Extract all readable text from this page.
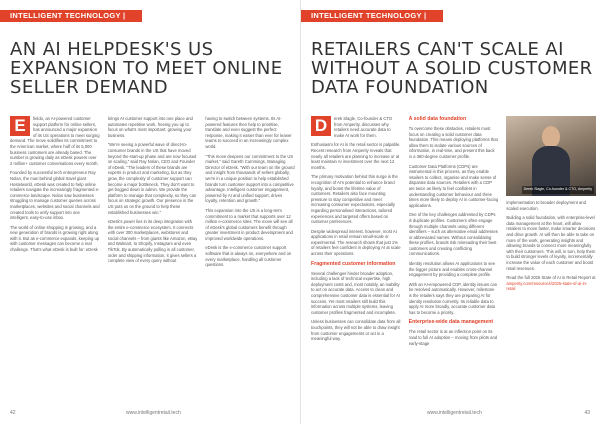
INTELLIGENT TECHNOLOGY |
AN AI HELPDESK'S US EXPANSION TO MEET ONLINE SELLER DEMAND
E	fieldo, an AI-powered customer support platform for online sellers, has announced a major expansion of its US operations to meet surging demand. The move solidifies its commitment to the American market, where half of its 5,000 business customers are already based. The number is growing daily as eDesk powers over 2 million+ customer conversations every month.

Founded by successful tech entrepreneur Ray Nolan, the man behind global travel giant Hostelworld, eDesk was created to help online retailers navigate the increasingly fragmented e-commerce landscape. Nolan saw businesses struggling to manage customer queries across marketplaces, websites and social channels and created tools to unify support into one intelligent, easy-to-use inbox.

The world of online shopping is growing, and a new generation of brands is growing right along with it. But as e-commerce expands, keeping up with customer messages can become a real challenge. That's what eDesk is built for: eDesk

brings AI customer support into one place and automates repetitive work, freeing you up to focus on what's most important: growing your business.

"We're seeing a powerful wave of direct-to-consumer brands in the US that have moved beyond the start-up phase and are now focused on scaling," said Ray Nolan, CEO and Founder of eDesk. "The leaders of these brands are experts in product and marketing, but as they grow, the complexity of customer support can become a major bottleneck. They don't want to get bogged down in admin. We provide the platform to manage that complexity, so they can focus on strategic growth. Our presence in the US puts us on the ground to help these established businesses win."

eDesk's power lies in its deep integration with the entire e-commerce ecosystem. It connects with over 300 marketplaces, webstores and social channels – from giants like Amazon, eBay and Walmart, to Shopify, Instagram and even TikTok. By automatically pulling in all customer, order and shipping information, it gives sellers a complete view of every query without

having to switch between systems. Its AI-powered features then help to prioritise, translate and even suggest the perfect response, making it easier than ever for leaner teams to succeed in an increasingly complex world.

"This move deepens our commitment to the US market," said Gareth Cummings, Managing Director of eDesk. "With our team on the ground and insight from thousands of sellers globally, we're in a unique position to help established brands turn customer support into a competitive advantage. Intelligent customer engagement, powered by AI and unified support, drives loyalty, retention and growth."

This expansion into the US is a long-term commitment to a market that supports over 12 million e-commerce sites. The move will see all of eDesk's global customers benefit through greater investment in product development and improved worldwide operations.

eDesk is the e-commerce customer support software that is always on, everywhere and on every marketplace, handling all customer questions.

42	www.intelligentretail.tech
INTELLIGENT TECHNOLOGY |
RETAILERS CAN'T SCALE AI WITHOUT A SOLID CUSTOMER DATA FOUNDATION
D	erek Slagle, Co-founder & CTO from Amperity, discusses why retailers need accurate data to make AI work for them.

Enthusiasm for AI in the retail sector is palpable. Recent research from Amperity reveals that nearly all retailers are planning to increase or at least maintain AI investment over the next 12 months.

The primary motivation behind this surge is the recognition of AI's potential to enhance brand loyalty, and boost the lifetime value of customers. Retailers also face mounting pressure to stay competitive and meet increasing consumer expectations, especially regarding personalised interactions, tailored experiences and targeted offers based on customer preferences.

Despite widespread interest, however, most AI applications in retail remain small-scale or experimental. The research shows that just 1% of retailers feel confident in deploying AI at scale across their operations.

Fragmented customer information

Several challenges hinder broader adoption, including a lack of technical expertise, high deployment costs and, most notably, an inability to act on accurate data. Access to clean and comprehensive customer data is essential for AI success. Yet most retailers still build this information across multiple systems, leaving customer profiles fragmented and incomplete.

Unless businesses can consolidate data from all touchpoints, they will not be able to draw insight from customer engagements or act in a meaningful way.

A solid data foundation

To overcome these obstacles, retailers must focus on creating a solid customer data foundation. This means deploying platforms that allow them to isolate various sources of information, in real-time, and present this back in a 360-degree customer profile.

Customer Data Platforms (CDPs) are instrumental in this process, as they enable retailers to collect, organise and make sense of disparate data sources. Retailers with a CDP are twice as likely to feel confident in understanding customer behaviour and three times more likely to deploy AI in customer-facing applications.

One of the key challenges addressed by CDPs is duplicate profiles. Customers often engage through multiple channels using different identifiers – such as alternative email addresses or abbreviated names. Without consolidating these profiles, brands risk misreading their best customers and creating conflicting communications.

Identity resolution allows AI applications to see the bigger picture and enables cross-channel engagement by providing a complete profile.

With an AI-empowered CDP, identity issues can be resolved automatically. However, milestone is the retailers says they are preparing AI for identity resolution currently. Its reliable data to apply AI more broadly, accurate customer data has to become a priority.

Enterprise-wide data management

The retail sector is at an inflection point on its road to full AI adoption – moving from pilots and early-stage

Derek Slagle, Co-founder & CTO, Amperity

implementation to broader deployment and scaled execution.

Building a solid foundation, with enterprise-level data management at the heart, will allow retailers to move faster, make smarter decisions and drive growth. AI will then be able to take on more of the work, generating insights and allowing brands to connect more meaningfully with their customers. This will, in turn, help them to build stronger levels of loyalty, incrementally increase the value of each customer and boost retail revenues.

Read the full 2025 State of AI in Retail Report at amperity.com/resources/2025-state-of-ai-in-retail

www.intelligentretail.tech	43
